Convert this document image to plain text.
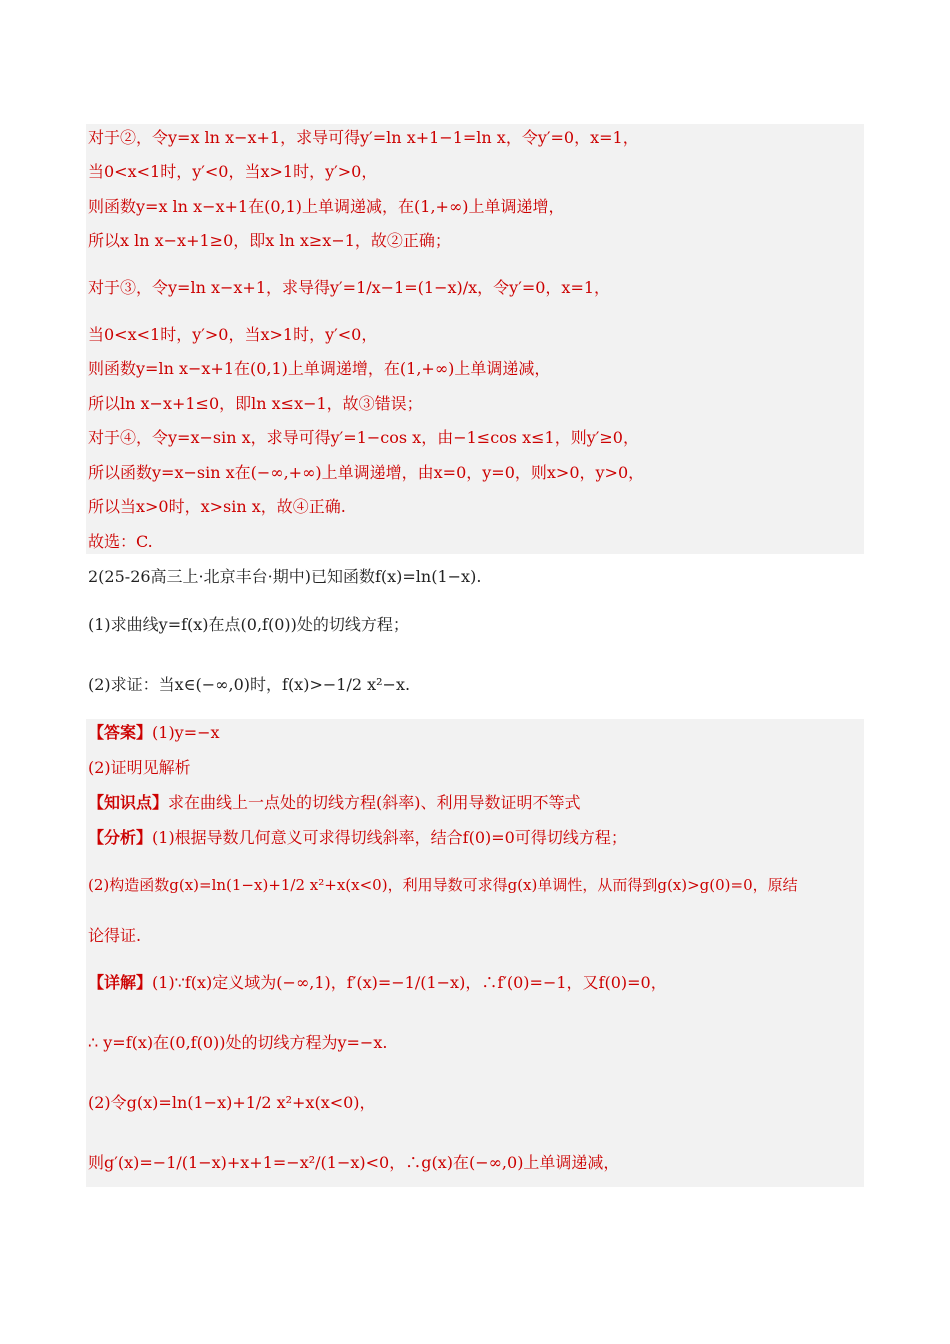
对于②，令y=x ln x−x+1，求导可得y′=ln x+1−1=ln x，令y′=0，x=1，
当0<x<1时，y′<0，当x>1时，y′>0，
则函数y=x ln x−x+1在(0,1)上单调递减，在(1,+∞)上单调递增，
所以x ln x−x+1≥0，即x ln x≥x−1，故②正确；
对于③，令y=ln x−x+1，求导得y′=1/x−1=(1−x)/x，令y′=0，x=1，
当0<x<1时，y′>0，当x>1时，y′<0，
则函数y=ln x−x+1在(0,1)上单调递增，在(1,+∞)上单调递减，
所以ln x−x+1≤0，即ln x≤x−1，故③错误；
对于④，令y=x−sin x，求导可得y′=1−cos x，由−1≤cos x≤1，则y′≥0，
所以函数y=x−sin x在(−∞,+∞)上单调递增，由x=0，y=0，则x>0，y>0，
所以当x>0时，x>sin x，故④正确.
故选：C.
2(25-26高三上·北京丰台·期中)已知函数f(x)=ln(1−x).
(1)求曲线y=f(x)在点(0,f(0))处的切线方程；
(2)求证：当x∈(−∞,0)时，f(x)>−1/2 x²−x.
【答案】(1)y=−x
(2)证明见解析
【知识点】求在曲线上一点处的切线方程(斜率)、利用导数证明不等式
【分析】(1)根据导数几何意义可求得切线斜率，结合f(0)=0可得切线方程；
(2)构造函数g(x)=ln(1−x)+1/2 x²+x(x<0)，利用导数可求得g(x)单调性，从而得到g(x)>g(0)=0，原结
论得证.
【详解】(1)∵f(x)定义域为(−∞,1)，f′(x)=−1/(1−x)，∴f′(0)=−1，又f(0)=0，
∴ y=f(x)在(0,f(0))处的切线方程为y=−x.
(2)令g(x)=ln(1−x)+1/2 x²+x(x<0)，
则g′(x)=−1/(1−x)+x+1=−x²/(1−x)<0，∴g(x)在(−∞,0)上单调递减，
